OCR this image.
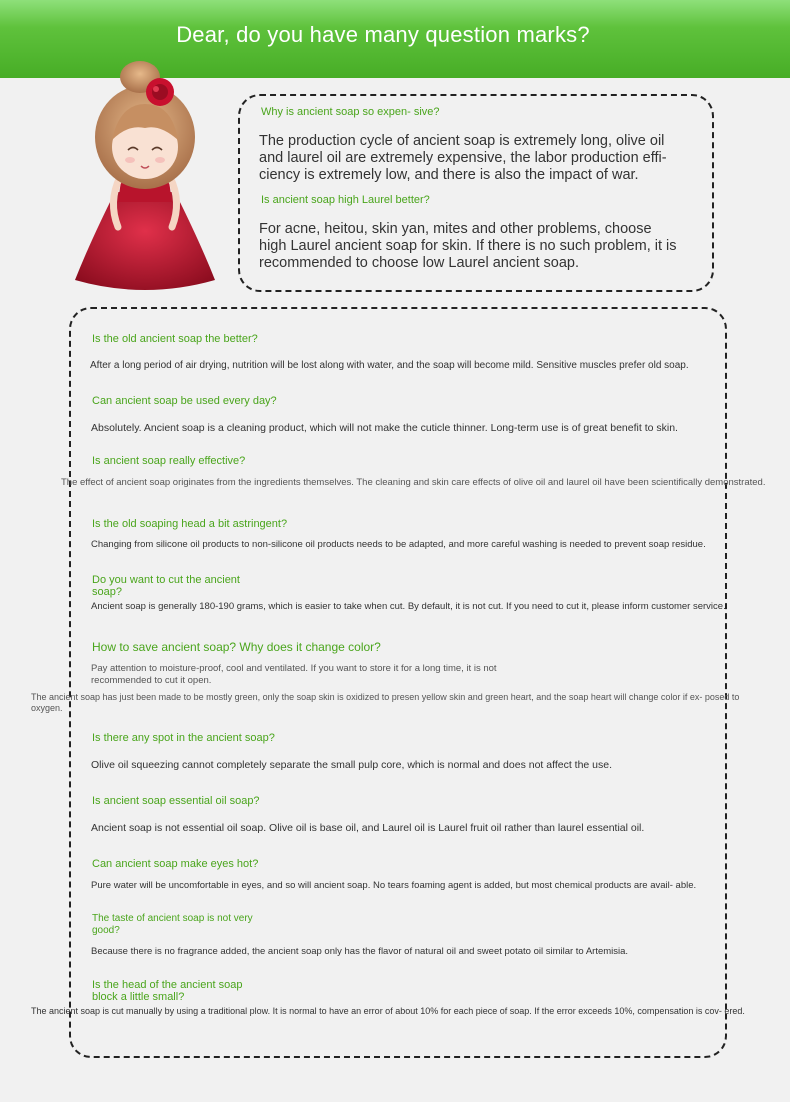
Dear, do you have many question marks?
Why is ancient soap so expen- sive?
The production cycle of ancient soap is extremely long, olive oil and laurel oil are extremely expensive, the labor production effi- ciency is extremely low, and there is also the impact of war.
Is ancient soap high Laurel better?
For acne, heitou, skin yan, mites and other problems, choose high Laurel ancient soap for skin. If there is no such problem, it is recommended to choose low Laurel ancient soap.
Is the old ancient soap the better?
After a long period of air drying, nutrition will be lost along with water, and the soap will become mild. Sensitive muscles prefer old soap.
Can ancient soap be used every day?
Absolutely. Ancient soap is a cleaning product, which will not make the cuticle thinner. Long-term use is of great benefit to skin.
Is ancient soap really effective?
The effect of ancient soap originates from the ingredients themselves. The cleaning and skin care effects of olive oil and laurel oil have been scientifically demonstrated.
Is the old soaping head a bit astringent?
Changing from silicone oil products to non-silicone oil products needs to be adapted, and more careful washing is needed to prevent soap residue.
Do you want to cut the ancient soap?
Ancient soap is generally 180-190 grams, which is easier to take when cut. By default, it is not cut. If you need to cut it, please inform customer service.
How to save ancient soap? Why does it change color?
Pay attention to moisture-proof, cool and ventilated. If you want to store it for a long time, it is not recommended to cut it open.
The ancient soap has just been made to be mostly green, only the soap skin is oxidized to presen yellow skin and green heart, and the soap heart will change color if ex- posed to oxygen.
Is there any spot in the ancient soap?
Olive oil squeezing cannot completely separate the small pulp core, which is normal and does not affect the use.
Is ancient soap essential oil soap?
Ancient soap is not essential oil soap. Olive oil is base oil, and Laurel oil is Laurel fruit oil rather than laurel essential oil.
Can ancient soap make eyes hot?
Pure water will be uncomfortable in eyes, and so will ancient soap. No tears foaming agent is added, but most chemical products are avail- able.
The taste of ancient soap is not very good?
Because there is no fragrance added, the ancient soap only has the flavor of natural oil and sweet potato oil similar to Artemisia.
Is the head of the ancient soap block a little small?
The ancient soap is cut manually by using a traditional plow. It is normal to have an error of about 10% for each piece of soap. If the error exceeds 10%, compensation is cov- ered.
